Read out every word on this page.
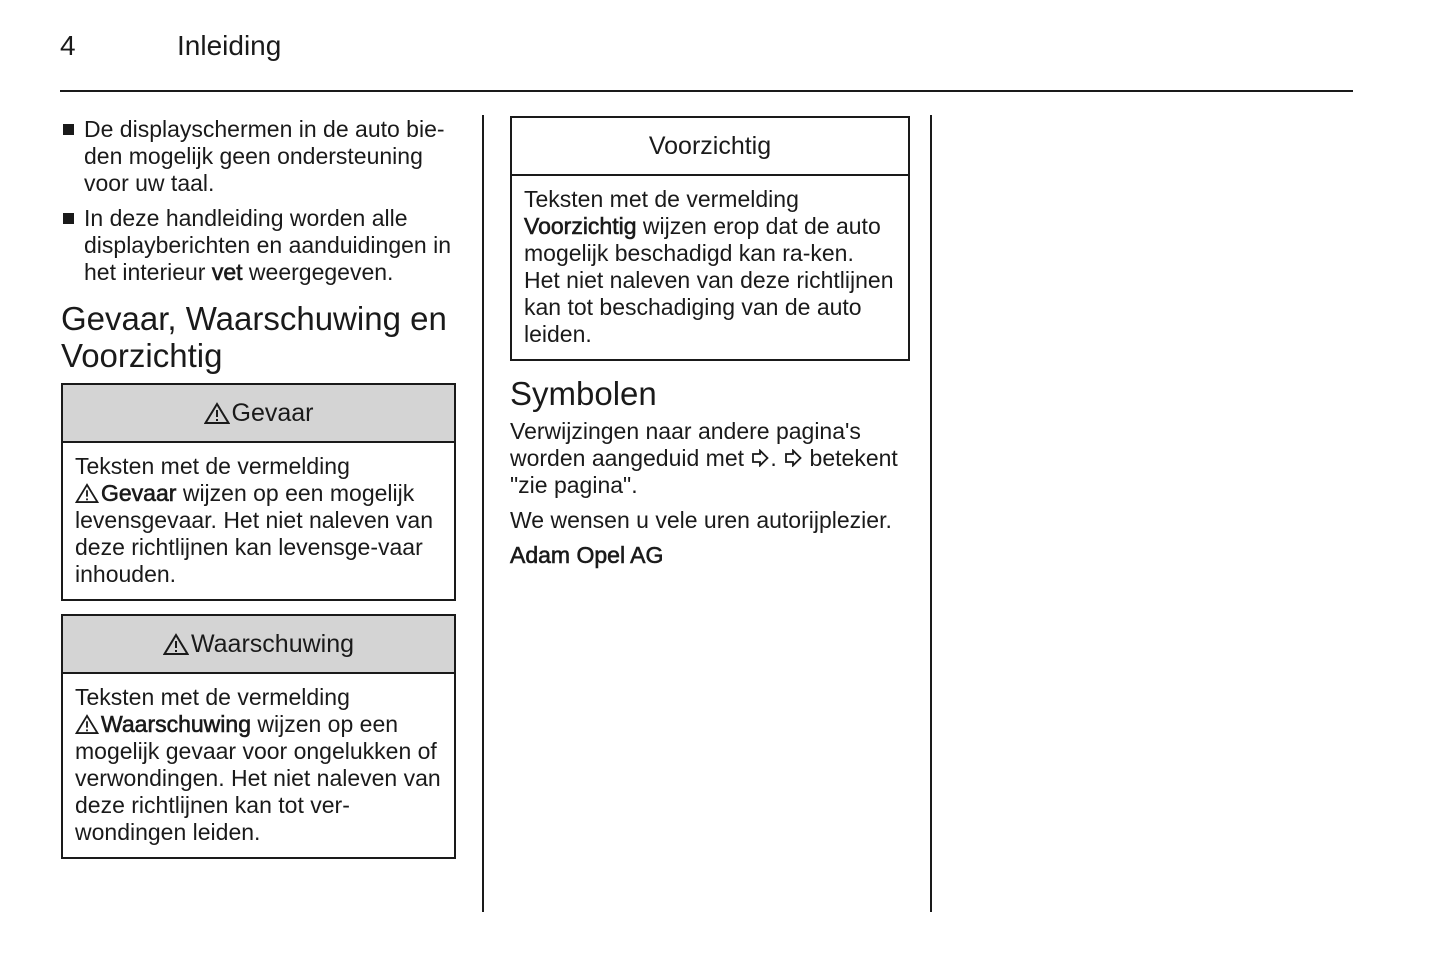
4	Inleiding
De displayschermen in de auto bie-den mogelijk geen ondersteuning voor uw taal.
In deze handleiding worden alle displayberichten en aanduidingen in het interieur vet weergegeven.
Gevaar, Waarschuwing en Voorzichtig
Gevaar
Teksten met de vermelding
Gevaar wijzen op een mogelijk levensgevaar. Het niet naleven van deze richtlijnen kan levensge-vaar inhouden.
Waarschuwing
Teksten met de vermelding
Waarschuwing wijzen op een mogelijk gevaar voor ongelukken of verwondingen. Het niet naleven van deze richtlijnen kan tot ver-wondingen leiden.
Voorzichtig
Teksten met de vermelding
Voorzichtig wijzen erop dat de auto mogelijk beschadigd kan ra-ken. Het niet naleven van deze richtlijnen kan tot beschadiging van de auto leiden.
Symbolen

Verwijzingen naar andere pagina's worden aangeduid met .  betekent "zie pagina".

We wensen u vele uren autorijplezier.

Adam Opel AG
